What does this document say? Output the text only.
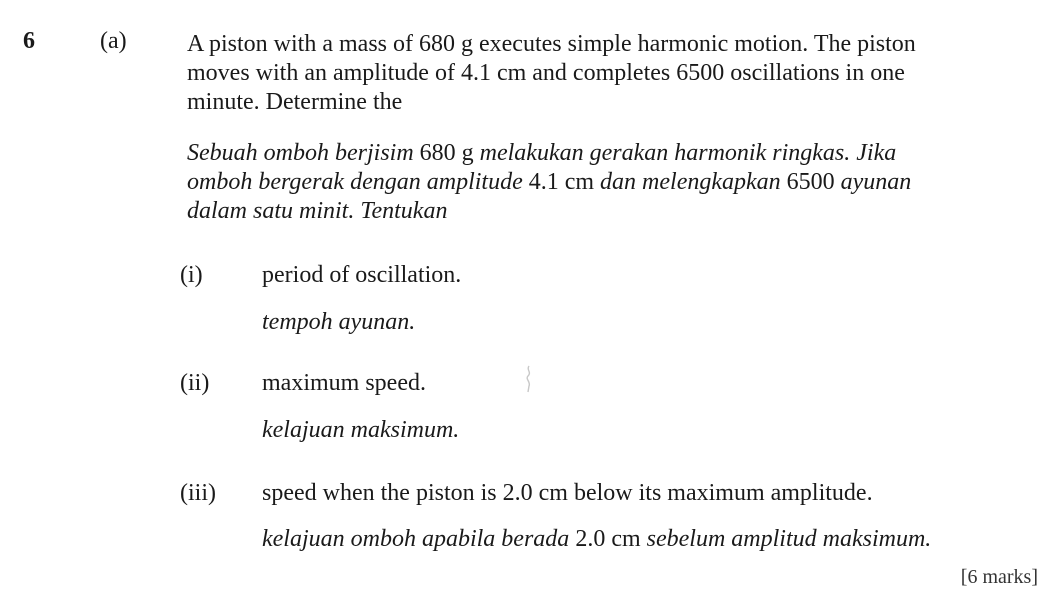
6	(a)	A piston with a mass of 680 g executes simple harmonic motion. The piston
moves with an amplitude of 4.1 cm and completes 6500 oscillations in one
minute. Determine the
Sebuah omboh berjisim 680 g melakukan gerakan harmonik ringkas. Jika
omboh bergerak dengan amplitude 4.1 cm dan melengkapkan 6500 ayunan
dalam satu minit. Tentukan
(i) period of oscillation.
tempoh ayunan.
(ii) maximum speed.
kelajuan maksimum.
(iii) speed when the piston is 2.0 cm below its maximum amplitude.
kelajuan omboh apabila berada 2.0 cm sebelum amplitud maksimum.
[6 marks]
